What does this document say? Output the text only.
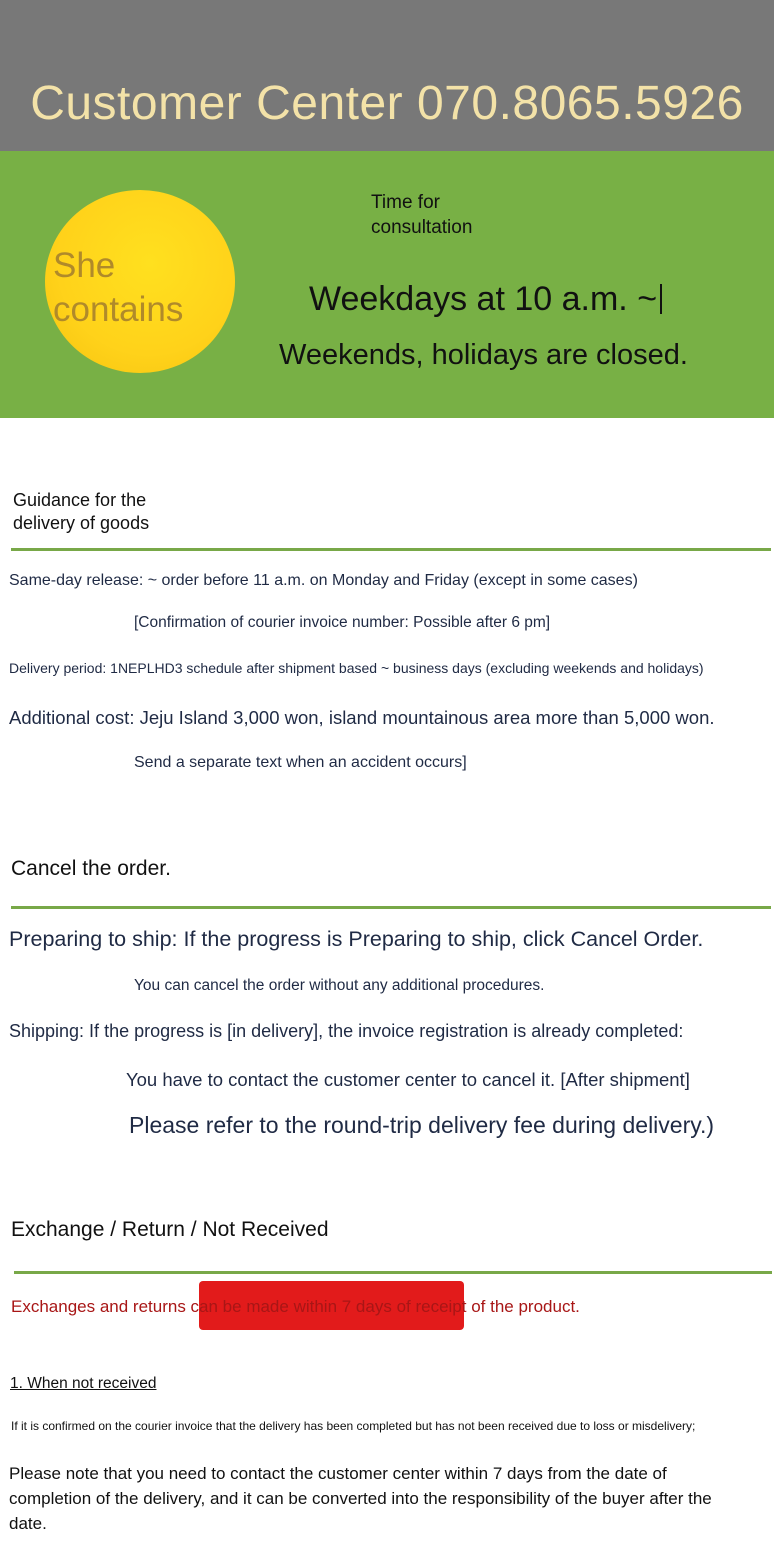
Customer Center 070.8065.5926
She contains
Time for consultation
Weekdays at 10 a.m. ~
Weekends, holidays are closed.
Guidance for the delivery of goods
Same-day release: ~ order before 11 a.m. on Monday and Friday (except in some cases)
[Confirmation of courier invoice number: Possible after 6 pm]
Delivery period: 1NEPLHD3 schedule after shipment based ~ business days (excluding weekends and holidays)
Additional cost: Jeju Island 3,000 won, island mountainous area more than 5,000 won.
Send a separate text when an accident occurs]
Cancel the order.
Preparing to ship: If the progress is Preparing to ship, click Cancel Order.
You can cancel the order without any additional procedures.
Shipping: If the progress is [in delivery], the invoice registration is already completed:
You have to contact the customer center to cancel it. [After shipment]
Please refer to the round-trip delivery fee during delivery.)
Exchange / Return / Not Received
Exchanges and returns can be made within 7 days of receipt of the product.
1. When not received
If it is confirmed on the courier invoice that the delivery has been completed but has not been received due to loss or misdelivery;
Please note that you need to contact the customer center within 7 days from the date of completion of the delivery, and it can be converted into the responsibility of the buyer after the date.
